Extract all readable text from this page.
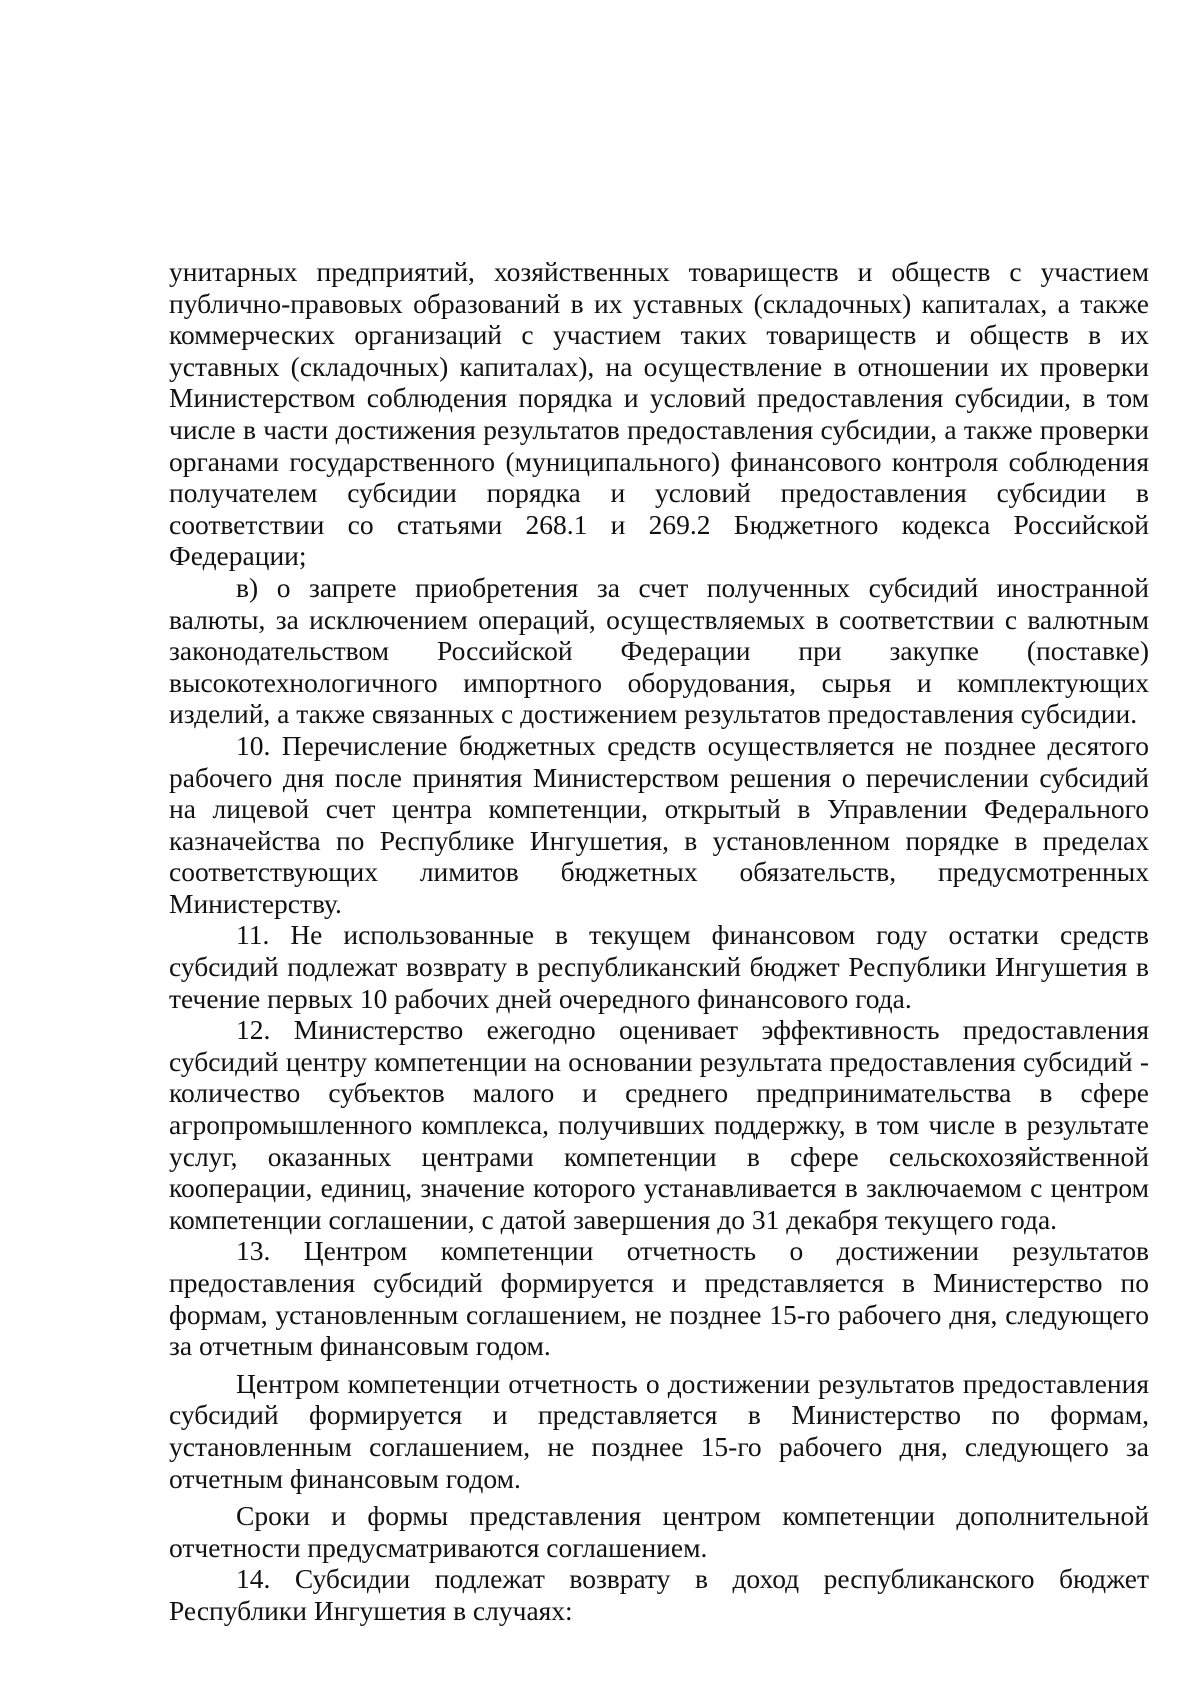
унитарных предприятий, хозяйственных товариществ и обществ с участием публично-правовых образований в их уставных (складочных) капиталах, а также коммерческих организаций с участием таких товариществ и обществ в их уставных (складочных) капиталах), на осуществление в отношении их проверки Министерством соблюдения порядка и условий предоставления субсидии, в том числе в части достижения результатов предоставления субсидии, а также проверки органами государственного (муниципального) финансового контроля соблюдения получателем субсидии порядка и условий предоставления субсидии в соответствии со статьями 268.1 и 269.2 Бюджетного кодекса Российской Федерации;

в) о запрете приобретения за счет полученных субсидий иностранной валюты, за исключением операций, осуществляемых в соответствии с валютным законодательством Российской Федерации при закупке (поставке) высокотехнологичного импортного оборудования, сырья и комплектующих изделий, а также связанных с достижением результатов предоставления субсидии.

10. Перечисление бюджетных средств осуществляется не позднее десятого рабочего дня после принятия Министерством решения о перечислении субсидий на лицевой счет центра компетенции, открытый в Управлении Федерального казначейства по Республике Ингушетия, в установленном порядке в пределах соответствующих лимитов бюджетных обязательств, предусмотренных Министерству.

11. Не использованные в текущем финансовом году остатки средств субсидий подлежат возврату в республиканский бюджет Республики Ингушетия в течение первых 10 рабочих дней очередного финансового года.

12. Министерство ежегодно оценивает эффективность предоставления субсидий центру компетенции на основании результата предоставления субсидий - количество субъектов малого и среднего предпринимательства в сфере агропромышленного комплекса, получивших поддержку, в том числе в результате услуг, оказанных центрами компетенции в сфере сельскохозяйственной кооперации, единиц, значение которого устанавливается в заключаемом с центром компетенции соглашении, с датой завершения до 31 декабря текущего года.

13. Центром компетенции отчетность о достижении результатов предоставления субсидий формируется и представляется в Министерство по формам, установленным соглашением, не позднее 15-го рабочего дня, следующего за отчетным финансовым годом.

Центром компетенции отчетность о достижении результатов предоставления субсидий формируется и представляется в Министерство по формам, установленным соглашением, не позднее 15-го рабочего дня, следующего за отчетным финансовым годом.

Сроки и формы представления центром компетенции дополнительной отчетности предусматриваются соглашением.

14. Субсидии подлежат возврату в доход республиканского бюджет Республики Ингушетия в случаях:
